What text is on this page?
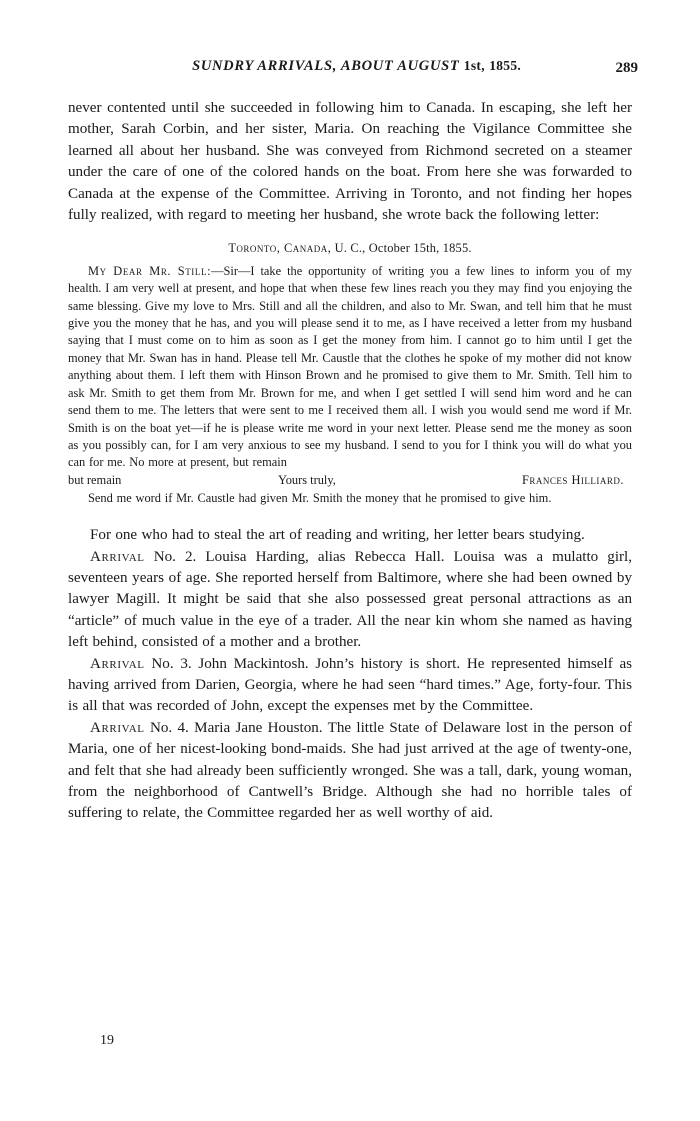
SUNDRY ARRIVALS, ABOUT AUGUST 1st, 1855.	289

never contented until she succeeded in following him to Canada. In escaping, she left her mother, Sarah Corbin, and her sister, Maria. On reaching the Vigilance Committee she learned all about her husband. She was conveyed from Richmond secreted on a steamer under the care of one of the colored hands on the boat. From here she was forwarded to Canada at the expense of the Committee. Arriving in Toronto, and not finding her hopes fully realized, with regard to meeting her husband, she wrote back the following letter:

Toronto, Canada, U. C., October 15th, 1855.

My Dear Mr. Still:—Sir—I take the opportunity of writing you a few lines to inform you of my health. I am very well at present, and hope that when these few lines reach you they may find you enjoying the same blessing. Give my love to Mrs. Still and all the children, and also to Mr. Swan, and tell him that he must give you the money that he has, and you will please send it to me, as I have received a letter from my husband saying that I must come on to him as soon as I get the money from him. I cannot go to him until I get the money that Mr. Swan has in hand. Please tell Mr. Caustle that the clothes he spoke of my mother did not know anything about them. I left them with Hinson Brown and he promised to give them to Mr. Smith. Tell him to ask Mr. Smith to get them from Mr. Brown for me, and when I get settled I will send him word and he can send them to me. The letters that were sent to me I received them all. I wish you would send me word if Mr. Smith is on the boat yet—if he is please write me word in your next letter. Please send me the money as soon as you possibly can, for I am very anxious to see my husband. I send to you for I think you will do what you can for me. No more at present, but remain

but remain	Yours truly,	Frances Hilliard.

Send me word if Mr. Caustle had given Mr. Smith the money that he promised to give him.

For one who had to steal the art of reading and writing, her letter bears studying.

Arrival No. 2. Louisa Harding, alias Rebecca Hall. Louisa was a mulatto girl, seventeen years of age. She reported herself from Baltimore, where she had been owned by lawyer Magill. It might be said that she also possessed great personal attractions as an “article” of much value in the eye of a trader. All the near kin whom she named as having left behind, consisted of a mother and a brother.

Arrival No. 3. John Mackintosh. John’s history is short. He represented himself as having arrived from Darien, Georgia, where he had seen “hard times.” Age, forty-four. This is all that was recorded of John, except the expenses met by the Committee.

Arrival No. 4. Maria Jane Houston. The little State of Delaware lost in the person of Maria, one of her nicest-looking bond-maids. She had just arrived at the age of twenty-one, and felt that she had already been sufficiently wronged. She was a tall, dark, young woman, from the neighborhood of Cantwell’s Bridge. Although she had no horrible tales of suffering to relate, the Committee regarded her as well worthy of aid.

19
